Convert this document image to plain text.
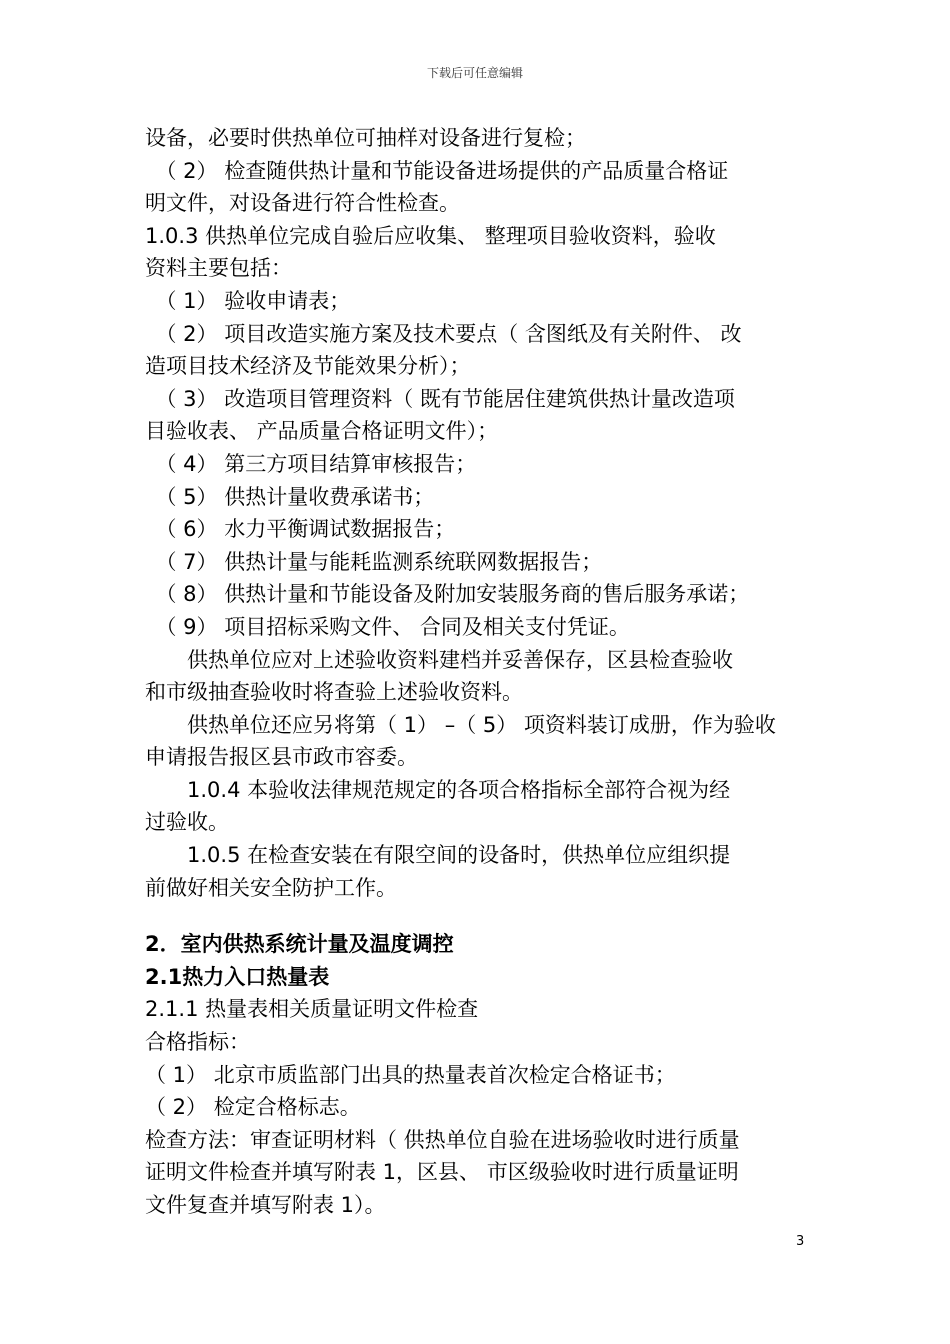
下载后可任意编辑
设备，必要时供热单位可抽样对设备进行复检；
　（ 2） 检查随供热计量和节能设备进场提供的产品质量合格证
明文件，对设备进行符合性检查。
1.0.3 供热单位完成自验后应收集、 整理项目验收资料，验收
资料主要包括：
　（ 1） 验收申请表；
　（ 2） 项目改造实施方案及技术要点（ 含图纸及有关附件、 改
造项目技术经济及节能效果分析）；
　（ 3） 改造项目管理资料（ 既有节能居住建筑供热计量改造项
目验收表、 产品质量合格证明文件）；
　（ 4） 第三方项目结算审核报告；
　（ 5） 供热计量收费承诺书；
　（ 6） 水力平衡调试数据报告；
　（ 7） 供热计量与能耗监测系统联网数据报告；
　（ 8） 供热计量和节能设备及附加安装服务商的售后服务承诺；
　（ 9） 项目招标采购文件、 合同及相关支付凭证。
　　供热单位应对上述验收资料建档并妥善保存，区县检查验收
和市级抽查验收时将查验上述验收资料。
　　供热单位还应另将第（ 1） –（ 5） 项资料装订成册，作为验收
申请报告报区县市政市容委。
　　1.0.4 本验收法律规范规定的各项合格指标全部符合视为经
过验收。
　　1.0.5 在检查安装在有限空间的设备时，供热单位应组织提
前做好相关安全防护工作。
2．室内供热系统计量及温度调控
2.1热力入口热量表
2.1.1 热量表相关质量证明文件检查
合格指标：
（ 1） 北京市质监部门出具的热量表首次检定合格证书；
（ 2） 检定合格标志。
检查方法：审查证明材料（ 供热单位自验在进场验收时进行质量
证明文件检查并填写附表 1，区县、 市区级验收时进行质量证明
文件复查并填写附表 1）。
3
